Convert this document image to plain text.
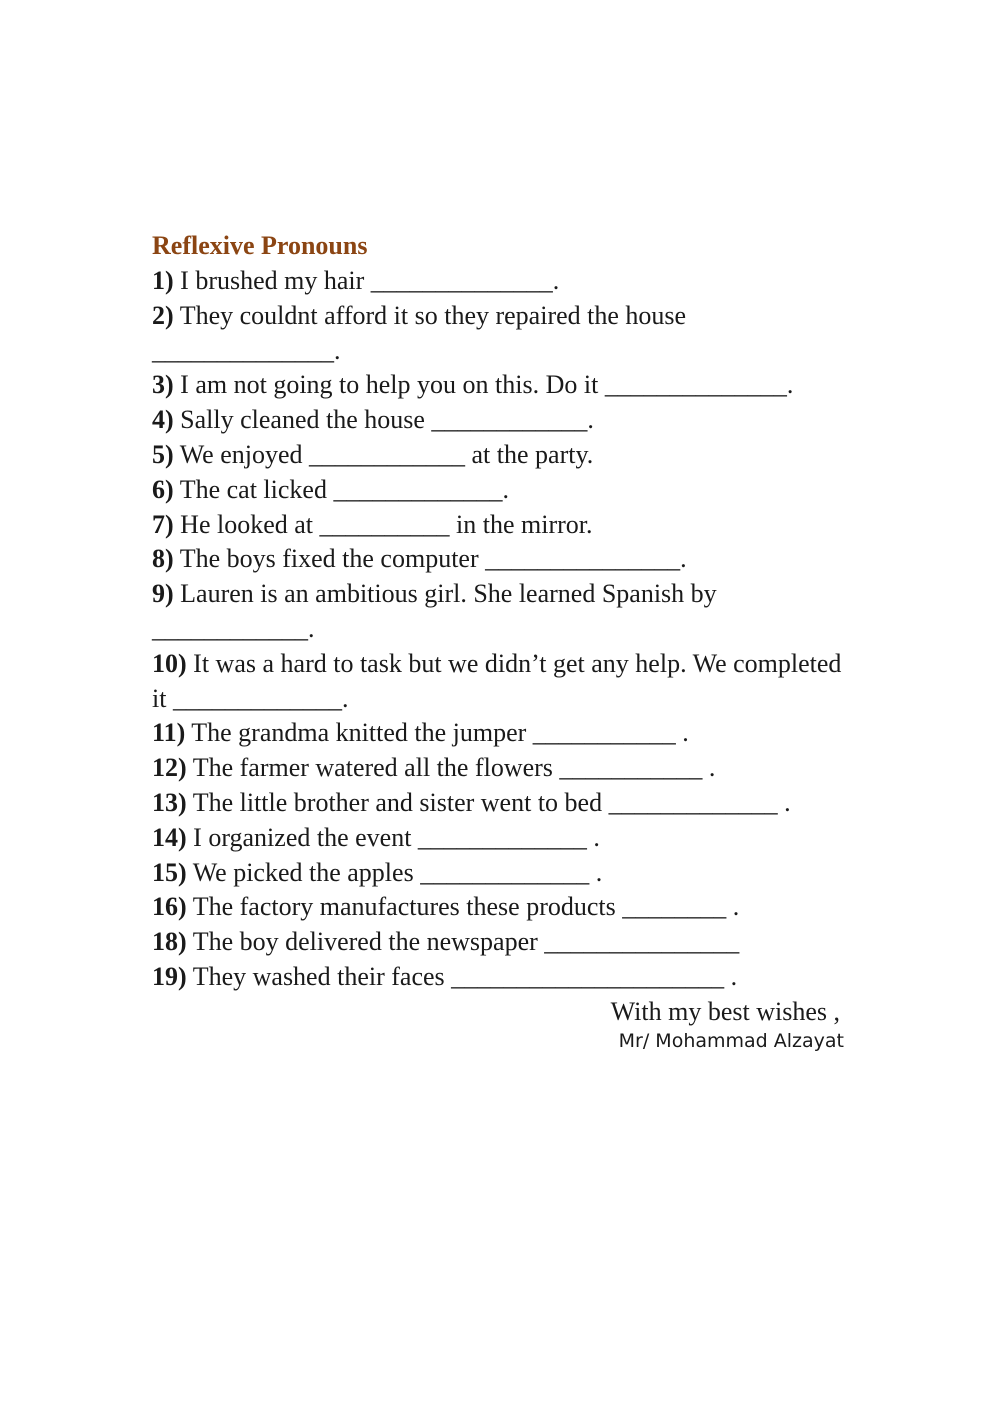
Reflexive Pronouns

1) I brushed my hair ______________.

2) They couldnt afford it so they repaired the house ______________.

3) I am not going to help you on this. Do it ______________.

4) Sally cleaned the house ____________.

5) We enjoyed ____________ at the party.

6) The cat licked _____________.

7) He looked at __________ in the mirror.

8) The boys fixed the computer _______________.

9) Lauren is an ambitious girl. She learned Spanish by ____________.

10) It was a hard to task but we didn’t get any help. We completed it _____________.

11) The grandma knitted the jumper ___________ .

12) The farmer watered all the flowers ___________ .

13) The little brother and sister went to bed _____________ .

14) I organized the event _____________ .

15) We picked the apples _____________ .

16) The factory manufactures these products ________ .

18) The boy delivered the newspaper _______________

19) They washed their faces _____________________ .

With my best wishes ,

Mr/ Mohammad Alzayat
